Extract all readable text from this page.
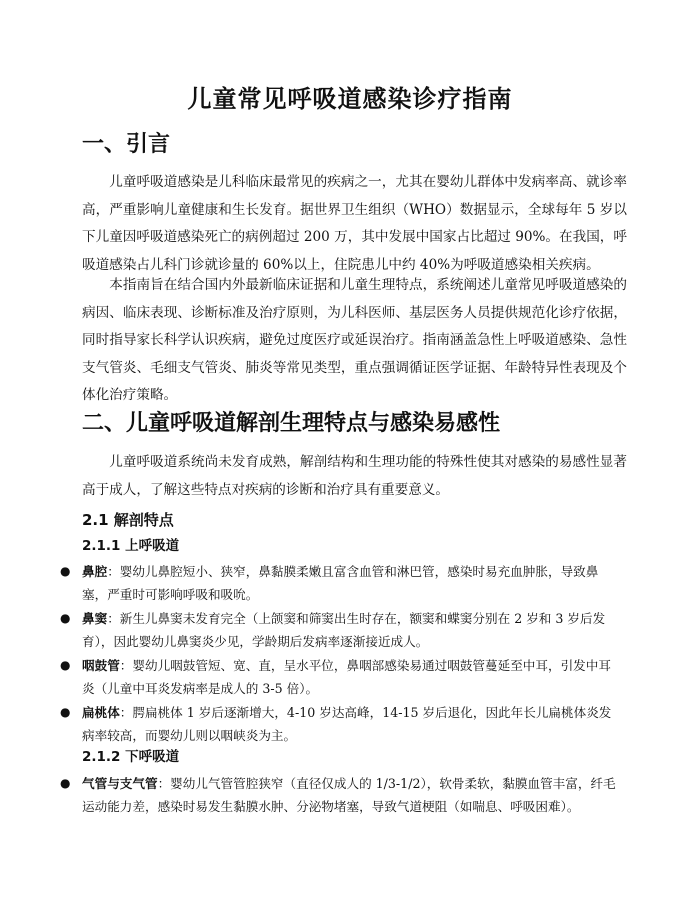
儿童常见呼吸道感染诊疗指南
一、引言

儿童呼吸道感染是儿科临床最常见的疾病之一，尤其在婴幼儿群体中发病率高、就诊率高，严重影响儿童健康和生长发育。据世界卫生组织（WHO）数据显示，全球每年 5 岁以下儿童因呼吸道感染死亡的病例超过 200 万，其中发展中国家占比超过 90%。在我国，呼吸道感染占儿科门诊就诊量的 60%以上，住院患儿中约 40%为呼吸道感染相关疾病。

本指南旨在结合国内外最新临床证据和儿童生理特点，系统阐述儿童常见呼吸道感染的病因、临床表现、诊断标准及治疗原则，为儿科医师、基层医务人员提供规范化诊疗依据，同时指导家长科学认识疾病，避免过度医疗或延误治疗。指南涵盖急性上呼吸道感染、急性支气管炎、毛细支气管炎、肺炎等常见类型，重点强调循证医学证据、年龄特异性表现及个体化治疗策略。

二、儿童呼吸道解剖生理特点与感染易感性

儿童呼吸道系统尚未发育成熟，解剖结构和生理功能的特殊性使其对感染的易感性显著高于成人，了解这些特点对疾病的诊断和治疗具有重要意义。

2.1 解剖特点
2.1.1 上呼吸道
● 鼻腔：婴幼儿鼻腔短小、狭窄，鼻黏膜柔嫩且富含血管和淋巴管，感染时易充血肿胀，导致鼻塞，严重时可影响呼吸和吸吮。
● 鼻窦：新生儿鼻窦未发育完全（上颌窦和筛窦出生时存在，额窦和蝶窦分别在 2 岁和 3 岁后发育），因此婴幼儿鼻窦炎少见，学龄期后发病率逐渐接近成人。
● 咽鼓管：婴幼儿咽鼓管短、宽、直，呈水平位，鼻咽部感染易通过咽鼓管蔓延至中耳，引发中耳炎（儿童中耳炎发病率是成人的 3-5 倍）。
● 扁桃体：腭扁桃体 1 岁后逐渐增大，4-10 岁达高峰，14-15 岁后退化，因此年长儿扁桃体炎发病率较高，而婴幼儿则以咽峡炎为主。
2.1.2 下呼吸道
● 气管与支气管：婴幼儿气管管腔狭窄（直径仅成人的 1/3-1/2），软骨柔软，黏膜血管丰富，纤毛运动能力差，感染时易发生黏膜水肿、分泌物堵塞，导致气道梗阻（如喘息、呼吸困难）。
